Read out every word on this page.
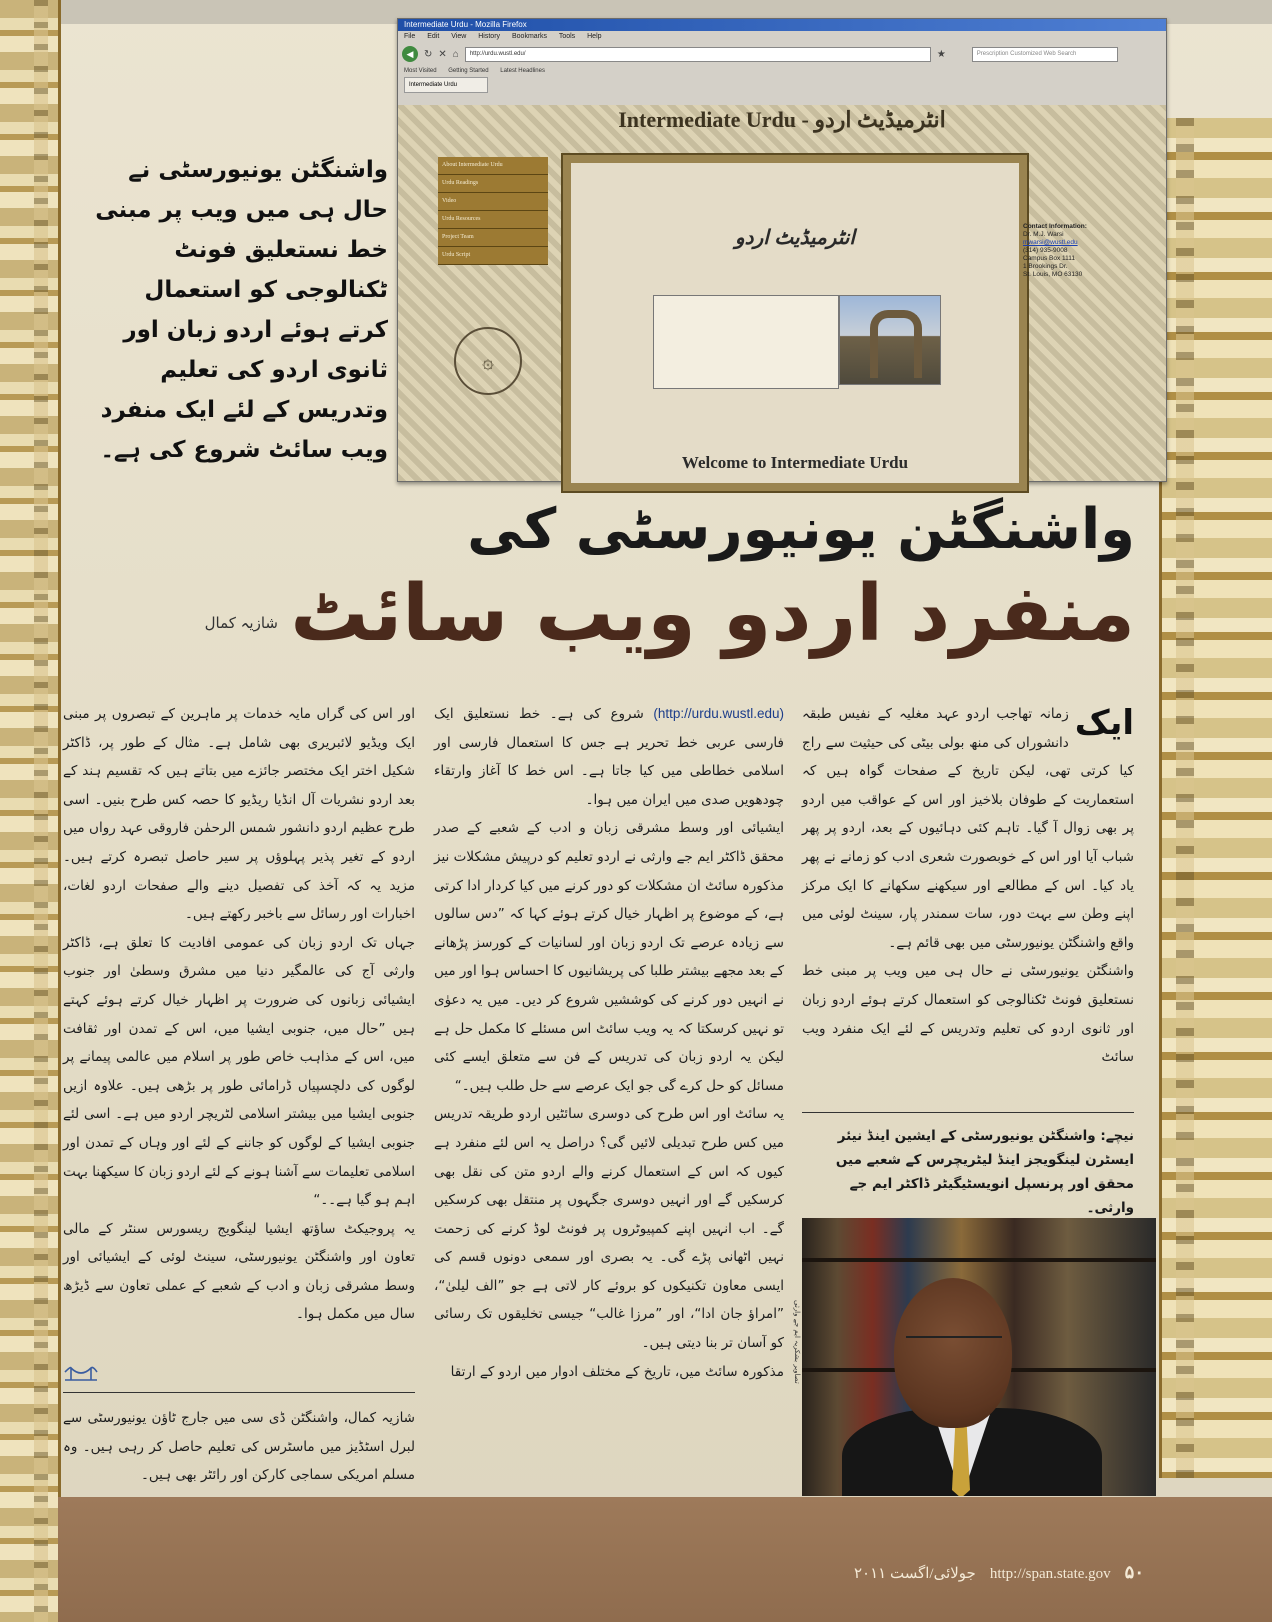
Intermediate Urdu - Mozilla Firefox
File Edit View History Bookmarks Tools Help
◀	↻ ✕ ⌂	http://urdu.wustl.edu/	★	Prescription Customized Web Search
Most Visited Getting Started Latest Headlines
Intermediate Urdu
Intermediate Urdu - انٹرمیڈیٹ اردو
About Intermediate Urdu
Urdu Readings
Video
Urdu Resources
Project Team
Urdu Script
۞
انٹرمیڈیٹ اردو
Welcome to Intermediate Urdu
Contact Information:
Dr. M.J. Warsi
mwarsi@wustl.edu
(314) 935-9008
Campus Box 1111
1 Brookings Dr.
St. Louis, MO 63130
واشنگٹن یونیورسٹی نے حال ہی میں ویب پر مبنی خط نستعلیق فونٹ ٹکنالوجی کو استعمال کرتے ہوئے اردو زبان اور ثانوی اردو کی تعلیم وتدریس کے لئے ایک منفرد ویب سائٹ شروع کی ہے۔
واشنگٹن یونیورسٹی کی
منفرد اردو ویب سائٹ
شازیہ کمال
ایک

زمانہ تھاجب اردو عہد مغلیہ کے نفیس طبقہ دانشوراں کی منھ بولی بیٹی کی حیثیت سے راج کیا کرتی تھی، لیکن تاریخ کے صفحات گواہ ہیں کہ استعماریت کے طوفان بلاخیز اور اس کے عواقب میں اردو پر بھی زوال آ گیا۔ تاہم کئی دہائیوں کے بعد، اردو پر پھر شباب آیا اور اس کے خوبصورت شعری ادب کو زمانے نے پھر یاد کیا۔ اس کے مطالعے اور سیکھنے سکھانے کا ایک مرکز اپنے وطن سے بہت دور، سات سمندر پار، سینٹ لوئی میں واقع واشنگٹن یونیورسٹی میں بھی قائم ہے۔

واشنگٹن یونیورسٹی نے حال ہی میں ویب پر مبنی خط نستعلیق فونٹ ٹکنالوجی کو استعمال کرتے ہوئے اردو زبان اور ثانوی اردو کی تعلیم وتدریس کے لئے ایک منفرد ویب سائٹ

(http://urdu.wustl.edu) شروع کی ہے۔ خط نستعلیق ایک فارسی عربی خط تحریر ہے جس کا استعمال فارسی اور اسلامی خطاطی میں کیا جاتا ہے۔ اس خط کا آغاز وارتقاء چودھویں صدی میں ایران میں ہوا۔

ایشیائی اور وسط مشرقی زبان و ادب کے شعبے کے صدر محقق ڈاکٹر ایم جے وارثی نے اردو تعلیم کو درپیش مشکلات نیز مذکورہ سائٹ ان مشکلات کو دور کرنے میں کیا کردار ادا کرتی ہے، کے موضوع پر اظہار خیال کرتے ہوئے کہا کہ ”دس سالوں سے زیادہ عرصے تک اردو زبان اور لسانیات کے کورسز پڑھانے کے بعد مجھے بیشتر طلبا کی پریشانیوں کا احساس ہوا اور میں نے انہیں دور کرنے کی کوششیں شروع کر دیں۔ میں یہ دعوٰی تو نہیں کرسکتا کہ یہ ویب سائٹ اس مسئلے کا مکمل حل ہے لیکن یہ اردو زبان کی تدریس کے فن سے متعلق ایسے کئی مسائل کو حل کرے گی جو ایک عرصے سے حل طلب ہیں۔“

یہ سائٹ اور اس طرح کی دوسری سائٹیں اردو طریقہ تدریس میں کس طرح تبدیلی لائیں گی؟ دراصل یہ اس لئے منفرد ہے کیوں کہ اس کے استعمال کرنے والے اردو متن کی نقل بھی کرسکیں گے اور انہیں دوسری جگہوں پر منتقل بھی کرسکیں گے۔ اب انہیں اپنے کمپیوٹروں پر فونٹ لوڈ کرنے کی زحمت نہیں اٹھانی پڑے گی۔ یہ بصری اور سمعی دونوں قسم کی ایسی معاون تکنیکوں کو بروئے کار لاتی ہے جو ”الف لیلیٰ“، ”امراؤ جان ادا“، اور ”مرزا غالب“ جیسی تخلیقوں تک رسائی کو آسان تر بنا دیتی ہیں۔

مذکورہ سائٹ میں، تاریخ کے مختلف ادوار میں اردو کے ارتقا

اور اس کی گراں مایہ خدمات پر ماہرین کے تبصروں پر مبنی ایک ویڈیو لائبریری بھی شامل ہے۔ مثال کے طور پر، ڈاکٹر شکیل اختر ایک مختصر جائزے میں بتاتے ہیں کہ تقسیم ہند کے بعد اردو نشریات آل انڈیا ریڈیو کا حصہ کس طرح بنیں۔ اسی طرح عظیم اردو دانشور شمس الرحمٰن فاروقی عہد رواں میں اردو کے تغیر پذیر پہلوؤں پر سیر حاصل تبصرہ کرتے ہیں۔ مزید یہ کہ آخذ کی تفصیل دینے والے صفحات اردو لغات، اخبارات اور رسائل سے باخبر رکھتے ہیں۔

جہاں تک اردو زبان کی عمومی افادیت کا تعلق ہے، ڈاکٹر وارثی آج کی عالمگیر دنیا میں مشرق وسطیٰ اور جنوب ایشیائی زبانوں کی ضرورت پر اظہار خیال کرتے ہوئے کہتے ہیں ”حال میں، جنوبی ایشیا میں، اس کے تمدن اور ثقافت میں، اس کے مذاہب خاص طور پر اسلام میں عالمی پیمانے پر لوگوں کی دلچسپیاں ڈرامائی طور پر بڑھی ہیں۔ علاوہ ازیں جنوبی ایشیا میں بیشتر اسلامی لٹریچر اردو میں ہے۔ اسی لئے جنوبی ایشیا کے لوگوں کو جاننے کے لئے اور وہاں کے تمدن اور اسلامی تعلیمات سے آشنا ہونے کے لئے اردو زبان کا سیکھنا بہت اہم ہو گیا ہے۔۔“

یہ پروجیکٹ ساؤتھ ایشیا لینگویج ریسورس سنٹر کے مالی تعاون اور واشنگٹن یونیورسٹی، سینٹ لوئی کے ایشیائی اور وسط مشرقی زبان و ادب کے شعبے کے عملی تعاون سے ڈیڑھ سال میں مکمل ہوا۔

نیچے: واشنگٹن یونیورسٹی کے ایشین اینڈ نیئر ایسٹرن لینگویجز اینڈ لیٹریچرس کے شعبے میں محقق اور پرنسپل انویسٹیگیٹر ڈاکٹر ایم جے وارثی۔
تصاویر بشکریہ ایم جے وارثی
شازیہ کمال، واشنگٹن ڈی سی میں جارج ٹاؤن یونیورسٹی سے لبرل اسٹڈیز میں ماسٹرس کی تعلیم حاصل کر رہی ہیں۔ وہ مسلم امریکی سماجی کارکن اور رائٹر بھی ہیں۔
جولائی/اگست ۲۰۱۱ http://span.state.gov ۵۰
